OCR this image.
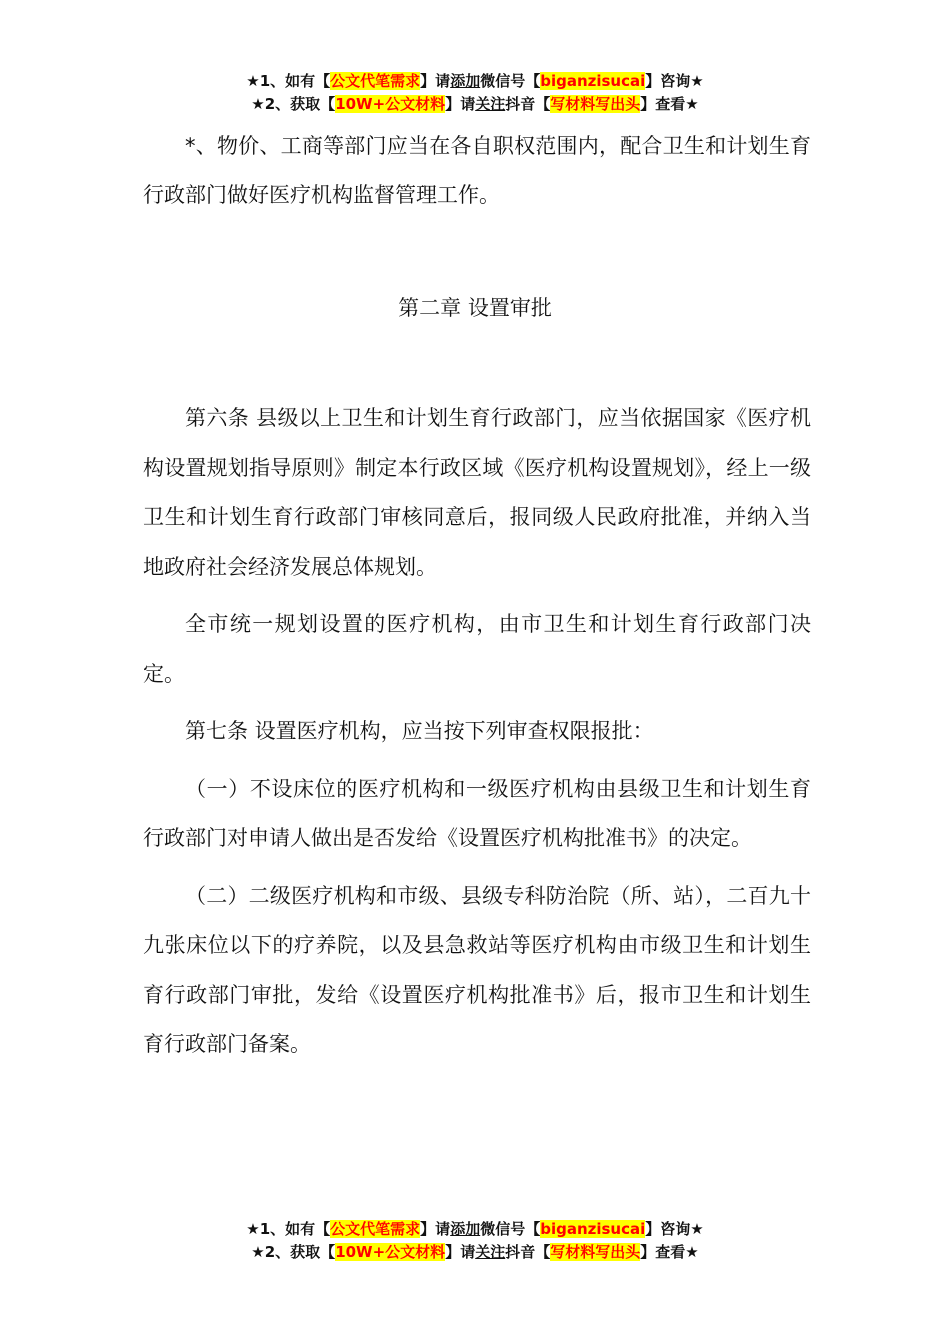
★1、如有【公文代笔需求】请添加微信号【biganzisucai】咨询★
★2、获取【10W+公文材料】请关注抖音【写材料写出头】查看★

*、物价、工商等部门应当在各自职权范围内，配合卫生和计划生育行政部门做好医疗机构监督管理工作。

第二章 设置审批

第六条 县级以上卫生和计划生育行政部门，应当依据国家《医疗机构设置规划指导原则》制定本行政区域《医疗机构设置规划》，经上一级卫生和计划生育行政部门审核同意后，报同级人民政府批准，并纳入当地政府社会经济发展总体规划。

全市统一规划设置的医疗机构，由市卫生和计划生育行政部门决定。

第七条 设置医疗机构，应当按下列审查权限报批：

（一）不设床位的医疗机构和一级医疗机构由县级卫生和计划生育行政部门对申请人做出是否发给《设置医疗机构批准书》的决定。

（二）二级医疗机构和市级、县级专科防治院（所、站），二百九十九张床位以下的疗养院，以及县急救站等医疗机构由市级卫生和计划生育行政部门审批，发给《设置医疗机构批准书》后，报市卫生和计划生育行政部门备案。

★1、如有【公文代笔需求】请添加微信号【biganzisucai】咨询★
★2、获取【10W+公文材料】请关注抖音【写材料写出头】查看★
